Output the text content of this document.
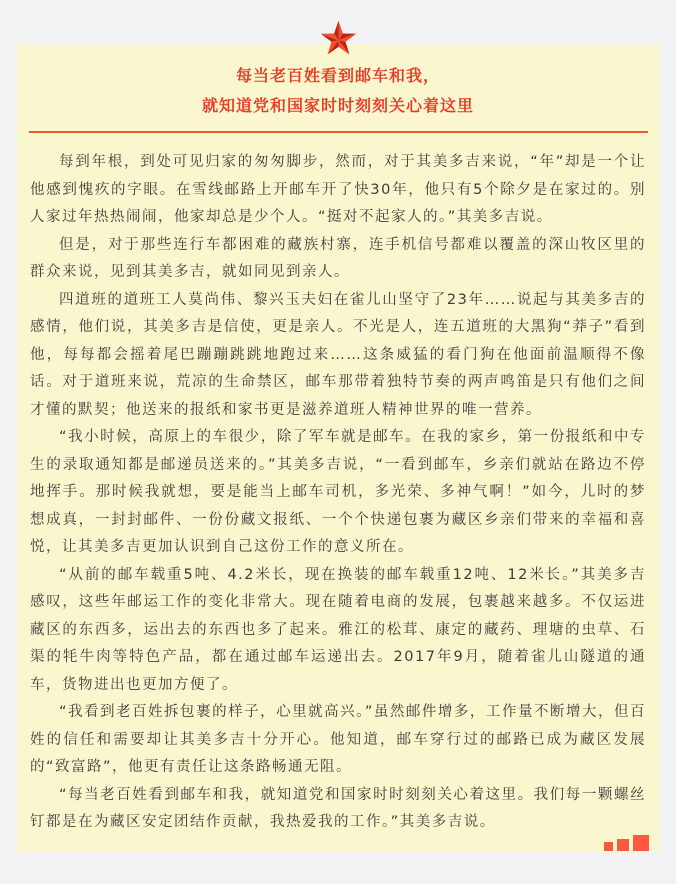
每当老百姓看到邮车和我，
就知道党和国家时时刻刻关心着这里

每到年根，到处可见归家的匆匆脚步，然而，对于其美多吉来说，“年”却是一个让他感到愧疚的字眼。在雪线邮路上开邮车开了快30年，他只有5个除夕是在家过的。别人家过年热热闹闹，他家却总是少个人。“挺对不起家人的。”其美多吉说。

但是，对于那些连行车都困难的藏族村寨，连手机信号都难以覆盖的深山牧区里的群众来说，见到其美多吉，就如同见到亲人。

四道班的道班工人莫尚伟、黎兴玉夫妇在雀儿山坚守了23年……说起与其美多吉的感情，他们说，其美多吉是信使，更是亲人。不光是人，连五道班的大黑狗“莽子”看到他，每每都会摇着尾巴蹦蹦跳跳地跑过来……这条威猛的看门狗在他面前温顺得不像话。对于道班来说，荒凉的生命禁区，邮车那带着独特节奏的两声鸣笛是只有他们之间才懂的默契；他送来的报纸和家书更是滋养道班人精神世界的唯一营养。

“我小时候，高原上的车很少，除了军车就是邮车。在我的家乡，第一份报纸和中专生的录取通知都是邮递员送来的。”其美多吉说，“一看到邮车，乡亲们就站在路边不停地挥手。那时候我就想，要是能当上邮车司机，多光荣、多神气啊！”如今，儿时的梦想成真，一封封邮件、一份份藏文报纸、一个个快递包裹为藏区乡亲们带来的幸福和喜悦，让其美多吉更加认识到自己这份工作的意义所在。

“从前的邮车载重5吨、4.2米长，现在换装的邮车载重12吨、12米长。”其美多吉感叹，这些年邮运工作的变化非常大。现在随着电商的发展，包裹越来越多。不仅运进藏区的东西多，运出去的东西也多了起来。雅江的松茸、康定的藏药、理塘的虫草、石渠的牦牛肉等特色产品，都在通过邮车运递出去。2017年9月，随着雀儿山隧道的通车，货物进出也更加方便了。

“我看到老百姓拆包裹的样子，心里就高兴。”虽然邮件增多，工作量不断增大，但百姓的信任和需要却让其美多吉十分开心。他知道，邮车穿行过的邮路已成为藏区发展的“致富路”，他更有责任让这条路畅通无阻。

“每当老百姓看到邮车和我，就知道党和国家时时刻刻关心着这里。我们每一颗螺丝钉都是在为藏区安定团结作贡献，我热爱我的工作。”其美多吉说。
